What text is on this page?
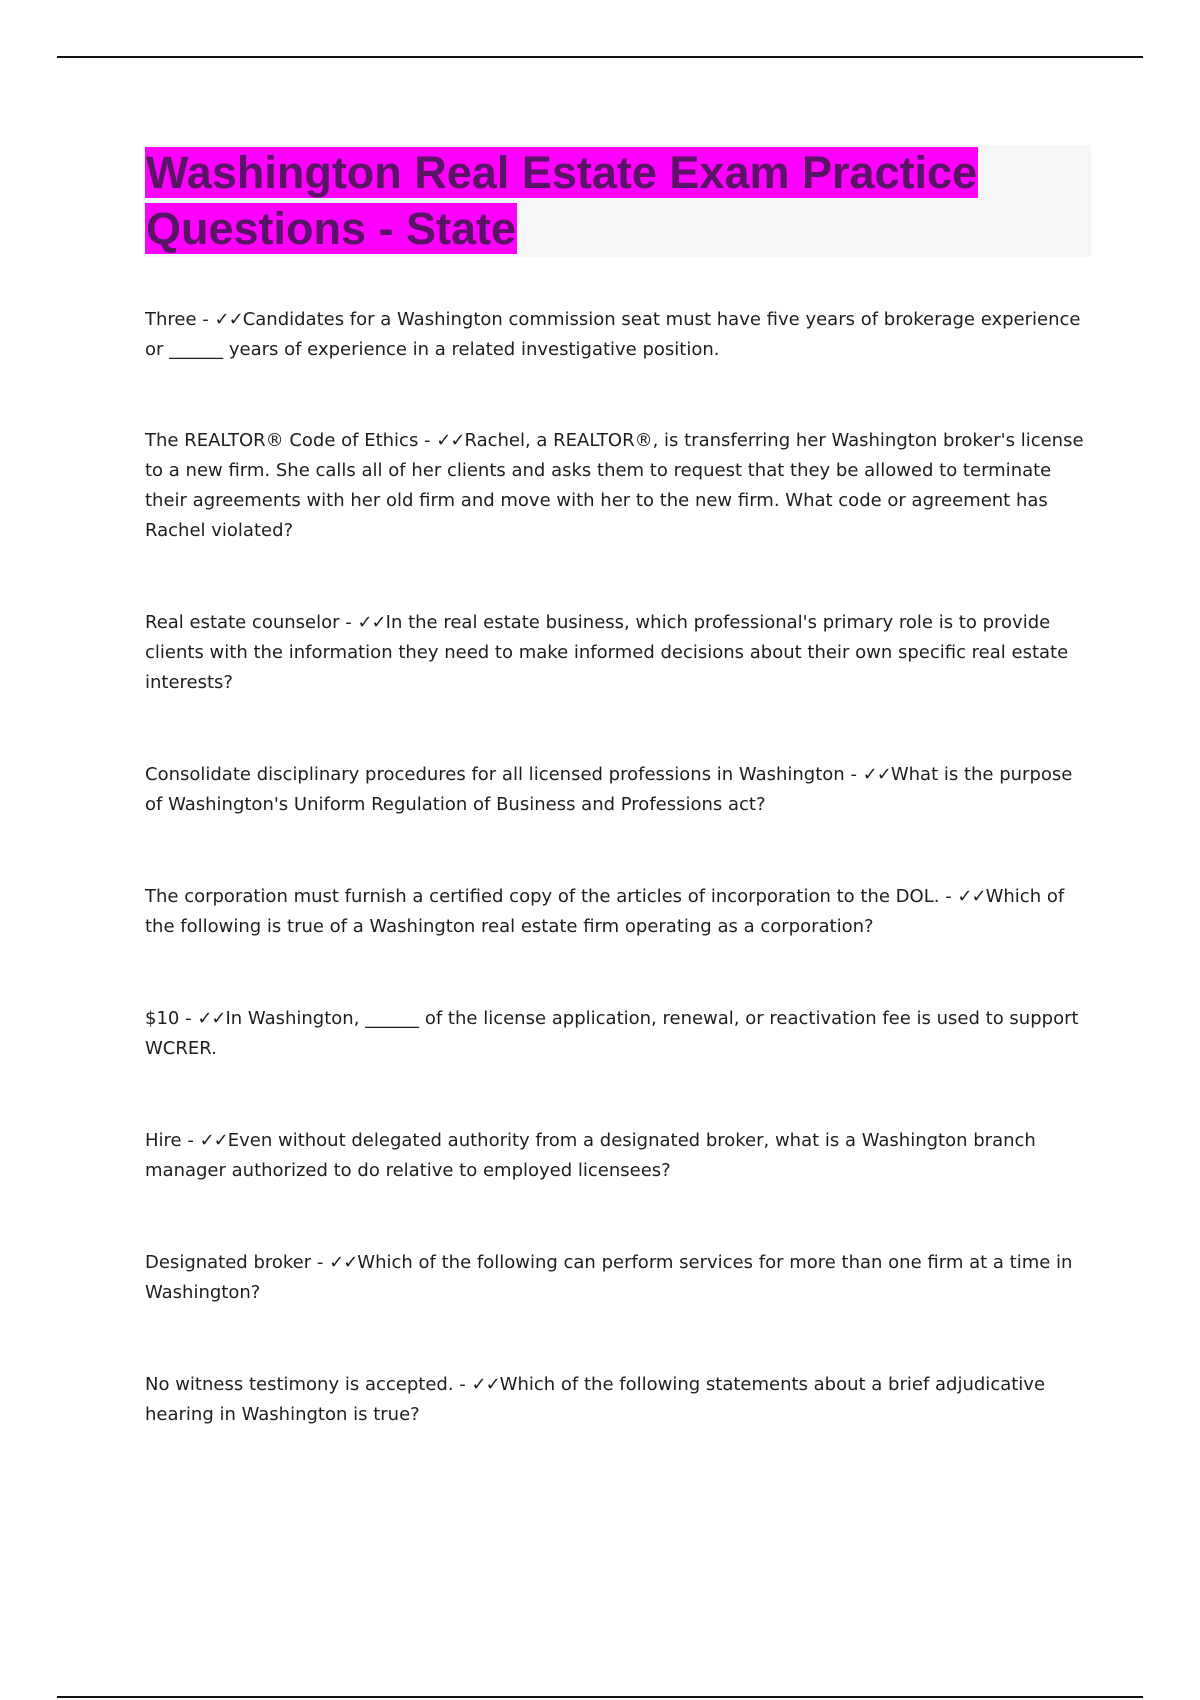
Washington Real Estate Exam Practice Questions - State

Three - ✓✓Candidates for a Washington commission seat must have five years of brokerage experience or ______ years of experience in a related investigative position.

The REALTOR® Code of Ethics - ✓✓Rachel, a REALTOR®, is transferring her Washington broker's license to a new firm. She calls all of her clients and asks them to request that they be allowed to terminate their agreements with her old firm and move with her to the new firm. What code or agreement has Rachel violated?

Real estate counselor - ✓✓In the real estate business, which professional's primary role is to provide clients with the information they need to make informed decisions about their own specific real estate interests?

Consolidate disciplinary procedures for all licensed professions in Washington - ✓✓What is the purpose of Washington's Uniform Regulation of Business and Professions act?

The corporation must furnish a certified copy of the articles of incorporation to the DOL. - ✓✓Which of the following is true of a Washington real estate firm operating as a corporation?

$10 - ✓✓In Washington, ______ of the license application, renewal, or reactivation fee is used to support WCRER.

Hire - ✓✓Even without delegated authority from a designated broker, what is a Washington branch manager authorized to do relative to employed licensees?

Designated broker - ✓✓Which of the following can perform services for more than one firm at a time in Washington?

No witness testimony is accepted. - ✓✓Which of the following statements about a brief adjudicative hearing in Washington is true?
